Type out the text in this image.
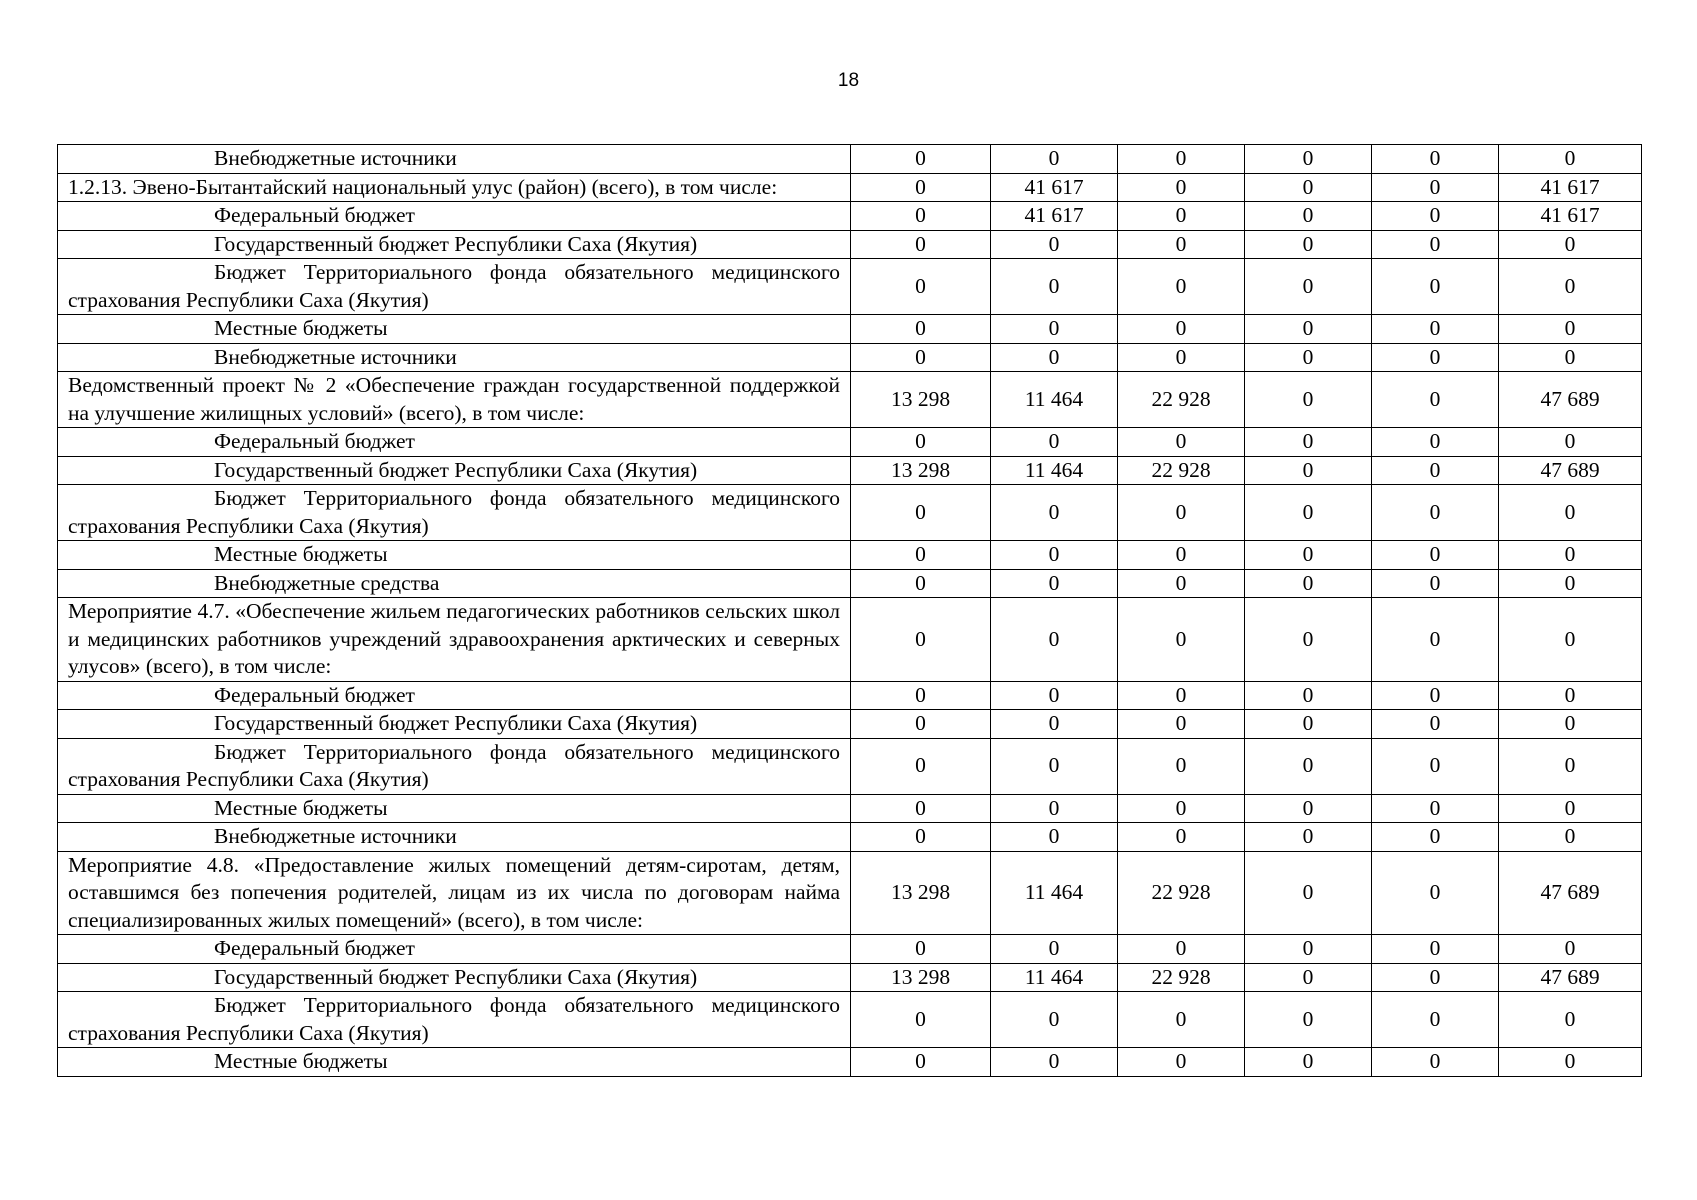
18
Внебюджетные источники	0	0	0	0	0	0
1.2.13. Эвено-Бытантайский национальный улус (район) (всего), в том числе:	0	41 617	0	0	0	41 617
Федеральный бюджет	0	41 617	0	0	0	41 617
Государственный бюджет Республики Саха (Якутия)	0	0	0	0	0	0
Бюджет Территориального фонда обязательного медицинского страхования Республики Саха (Якутия)	0	0	0	0	0	0
Местные бюджеты	0	0	0	0	0	0
Внебюджетные источники	0	0	0	0	0	0
Ведомственный проект № 2 «Обеспечение граждан государственной поддержкой на улучшение жилищных условий» (всего), в том числе:	13 298	11 464	22 928	0	0	47 689
Федеральный бюджет	0	0	0	0	0	0
Государственный бюджет Республики Саха (Якутия)	13 298	11 464	22 928	0	0	47 689
Бюджет Территориального фонда обязательного медицинского страхования Республики Саха (Якутия)	0	0	0	0	0	0
Местные бюджеты	0	0	0	0	0	0
Внебюджетные средства	0	0	0	0	0	0
Мероприятие 4.7. «Обеспечение жильем педагогических работников сельских школ и медицинских работников учреждений здравоохранения арктических и северных улусов» (всего), в том числе:	0	0	0	0	0	0
Федеральный бюджет	0	0	0	0	0	0
Государственный бюджет Республики Саха (Якутия)	0	0	0	0	0	0
Бюджет Территориального фонда обязательного медицинского страхования Республики Саха (Якутия)	0	0	0	0	0	0
Местные бюджеты	0	0	0	0	0	0
Внебюджетные источники	0	0	0	0	0	0
Мероприятие 4.8. «Предоставление жилых помещений детям-сиротам, детям, оставшимся без попечения родителей, лицам из их числа по договорам найма специализированных жилых помещений» (всего), в том числе:	13 298	11 464	22 928	0	0	47 689
Федеральный бюджет	0	0	0	0	0	0
Государственный бюджет Республики Саха (Якутия)	13 298	11 464	22 928	0	0	47 689
Бюджет Территориального фонда обязательного медицинского страхования Республики Саха (Якутия)	0	0	0	0	0	0
Местные бюджеты	0	0	0	0	0	0
